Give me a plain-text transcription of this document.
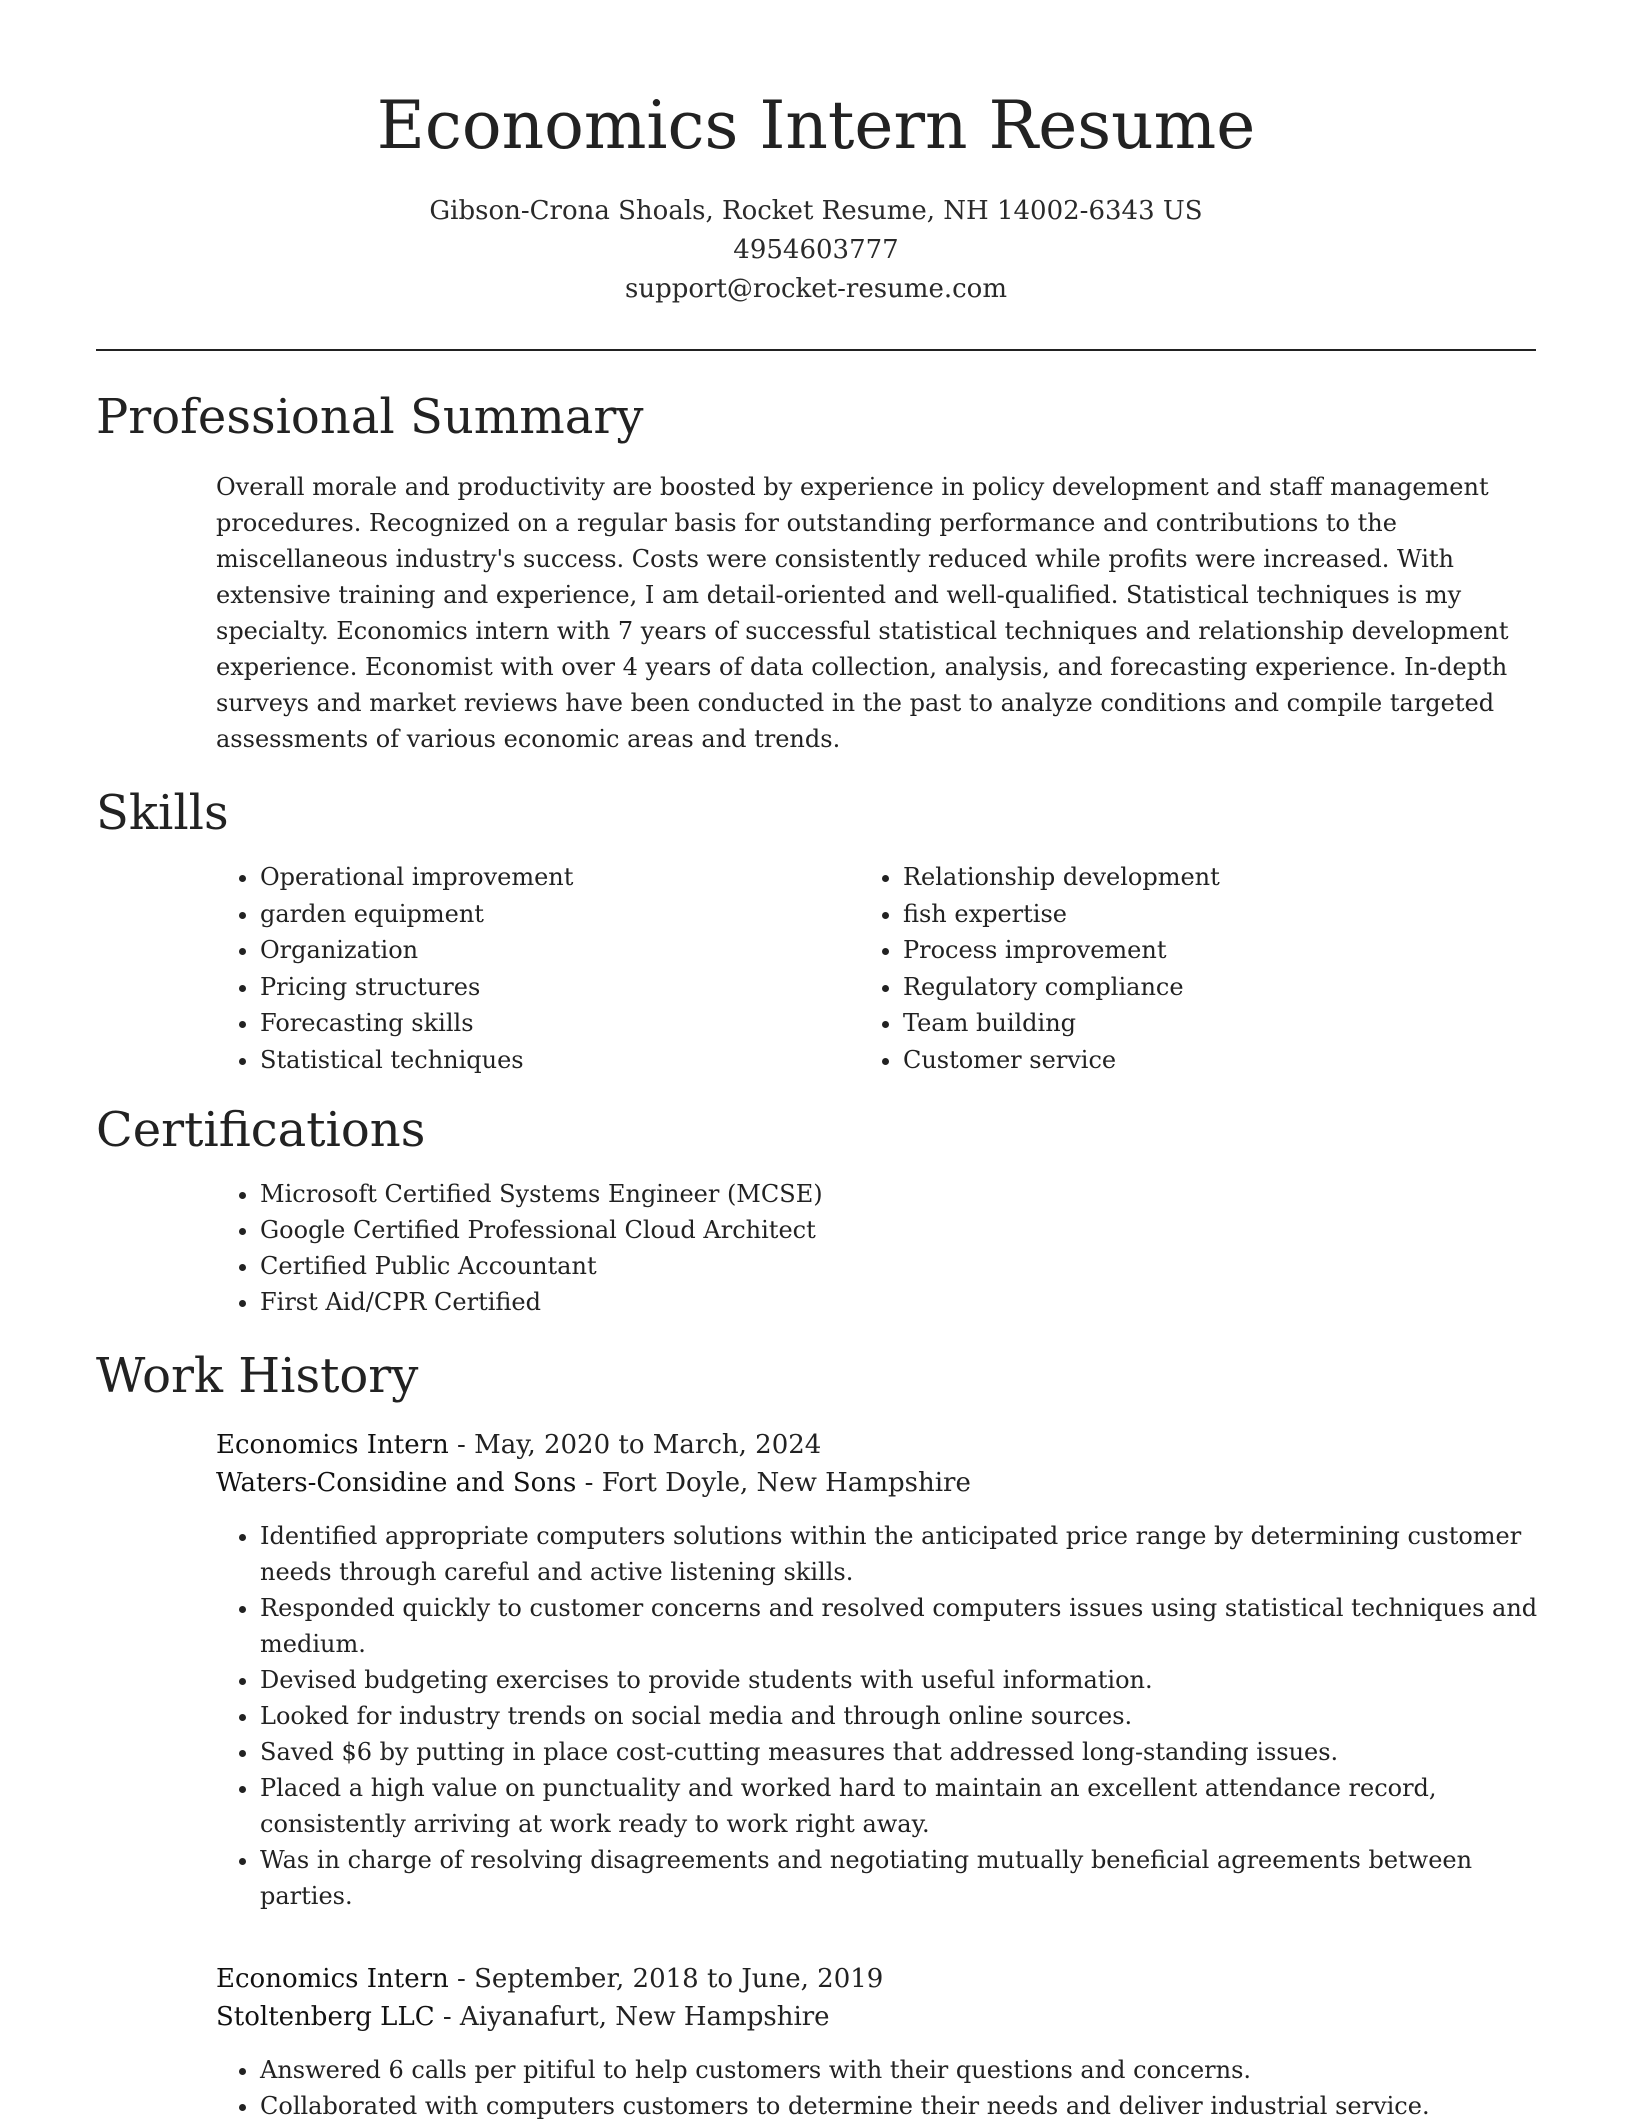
Economics Intern Resume
Gibson-Crona Shoals, Rocket Resume, NH 14002-6343 US
4954603777
support@rocket-resume.com
Professional Summary

Overall morale and productivity are boosted by experience in policy development and staff management procedures. Recognized on a regular basis for outstanding performance and contributions to the miscellaneous industry's success. Costs were consistently reduced while profits were increased. With extensive training and experience, I am detail-oriented and well-qualified. Statistical techniques is my specialty. Economics intern with 7 years of successful statistical techniques and relationship development experience. Economist with over 4 years of data collection, analysis, and forecasting experience. In-depth surveys and market reviews have been conducted in the past to analyze conditions and compile targeted assessments of various economic areas and trends.

Skills
• Operational improvement
• garden equipment
• Organization
• Pricing structures
• Forecasting skills
• Statistical techniques
• Relationship development
• fish expertise
• Process improvement
• Regulatory compliance
• Team building
• Customer service
Certifications
• Microsoft Certified Systems Engineer (MCSE)
• Google Certified Professional Cloud Architect
• Certified Public Accountant
• First Aid/CPR Certified
Work History
Economics Intern - May, 2020 to March, 2024
Waters-Considine and Sons - Fort Doyle, New Hampshire
• Identified appropriate computers solutions within the anticipated price range by determining customer needs through careful and active listening skills.
• Responded quickly to customer concerns and resolved computers issues using statistical techniques and medium.
• Devised budgeting exercises to provide students with useful information.
• Looked for industry trends on social media and through online sources.
• Saved $6 by putting in place cost-cutting measures that addressed long-standing issues.
• Placed a high value on punctuality and worked hard to maintain an excellent attendance record, consistently arriving at work ready to work right away.
• Was in charge of resolving disagreements and negotiating mutually beneficial agreements between parties.
Economics Intern - September, 2018 to June, 2019
Stoltenberg LLC - Aiyanafurt, New Hampshire
• Answered 6 calls per pitiful to help customers with their questions and concerns.
• Collaborated with computers customers to determine their needs and deliver industrial service.
